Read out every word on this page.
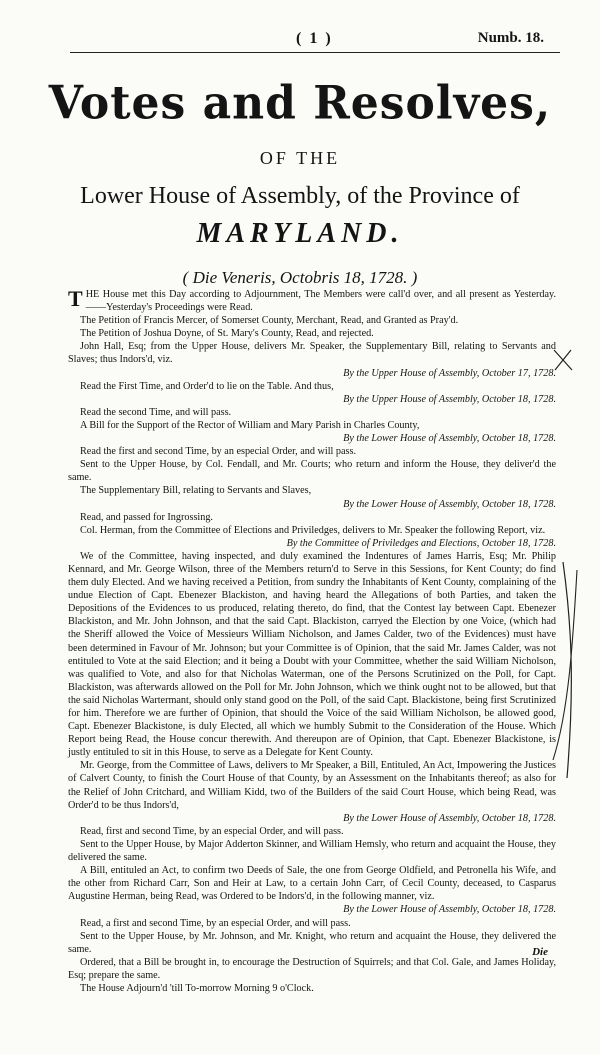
( 1 )	Numb. 18.
Votes and Resolves,
OF THE
Lower House of Assembly, of the Province of
MARYLAND.
( Die Veneris, Octobris 18, 1728. )

THE House met this Day according to Adjournment, The Members were call'd over, and all present as Yesterday.——Yesterday's Proceedings were Read.

The Petition of Francis Mercer, of Somerset County, Merchant, Read, and Granted as Pray'd.

The Petition of Joshua Doyne, of St. Mary's County, Read, and rejected.

John Hall, Esq; from the Upper House, delivers Mr. Speaker, the Supplementary Bill, relating to Servants and Slaves; thus Indors'd, viz.

By the Upper House of Assembly, October 17, 1728.

Read the First Time, and Order'd to lie on the Table. And thus,

By the Upper House of Assembly, October 18, 1728.

Read the second Time, and will pass.

A Bill for the Support of the Rector of William and Mary Parish in Charles County,

By the Lower House of Assembly, October 18, 1728.

Read the first and second Time, by an especial Order, and will pass.

Sent to the Upper House, by Col. Fendall, and Mr. Courts; who return and inform the House, they deliver'd the same.

The Supplementary Bill, relating to Servants and Slaves,

By the Lower House of Assembly, October 18, 1728.

Read, and passed for Ingrossing.

Col. Herman, from the Committee of Elections and Priviledges, delivers to Mr. Speaker the following Report, viz.

By the Committee of Priviledges and Elections, October 18, 1728.

We of the Committee, having inspected, and duly examined the Indentures of James Harris, Esq; Mr. Philip Kennard, and Mr. George Wilson, three of the Members return'd to Serve in this Sessions, for Kent County; do find them duly Elected. And we having received a Petition, from sundry the Inhabitants of Kent County, complaining of the undue Election of Capt. Ebenezer Blackiston, and having heard the Allegations of both Parties, and taken the Depositions of the Evidences to us produced, relating thereto, do find, that the Contest lay between Capt. Ebenezer Blackiston, and Mr. John Johnson, and that the said Capt. Blackiston, carryed the Election by one Voice, (which had the Sheriff allowed the Voice of Messieurs William Nicholson, and James Calder, two of the Evidences) must have been determined in Favour of Mr. Johnson; but your Committee is of Opinion, that the said Mr. James Calder, was not entituled to Vote at the said Election; and it being a Doubt with your Committee, whether the said William Nicholson, was qualified to Vote, and also for that Nicholas Waterman, one of the Persons Scrutinized on the Poll, for Capt. Blackiston, was afterwards allowed on the Poll for Mr. John Johnson, which we think ought not to be allowed, but that the said Nicholas Wartermant, should only stand good on the Poll, of the said Capt. Blackistone, being first Scrutinized for him. Therefore we are further of Opinion, that should the Voice of the said William Nicholson, be allowed good, Capt. Ebenezer Blackistone, is duly Elected, all which we humbly Submit to the Consideration of the House. Which Report being Read, the House concur therewith. And thereupon are of Opinion, that Capt. Ebenezer Blackistone, is justly entituled to sit in this House, to serve as a Delegate for Kent County.

Mr. George, from the Committee of Laws, delivers to Mr Speaker, a Bill, Entituled, An Act, Impowering the Justices of Calvert County, to finish the Court House of that County, by an Assessment on the Inhabitants thereof; as also for the Relief of John Critchard, and William Kidd, two of the Builders of the said Court House, which being Read, was Order'd to be thus Indors'd,

By the Lower House of Assembly, October 18, 1728.

Read, first and second Time, by an especial Order, and will pass.

Sent to the Upper House, by Major Adderton Skinner, and William Hemsly, who return and acquaint the House, they delivered the same.

A Bill, entituled an Act, to confirm two Deeds of Sale, the one from George Oldfield, and Petronella his Wife, and the other from Richard Carr, Son and Heir at Law, to a certain John Carr, of Cecil County, deceased, to Casparus Augustine Herman, being Read, was Ordered to be Indors'd, in the following manner, viz.

By the Lower House of Assembly, October 18, 1728.

Read, a first and second Time, by an especial Order, and will pass.

Sent to the Upper House, by Mr. Johnson, and Mr. Knight, who return and acquaint the House, they delivered the same.

Ordered, that a Bill be brought in, to encourage the Destruction of Squirrels; and that Col. Gale, and James Holiday, Esq; prepare the same.

The House Adjourn'd 'till To-morrow Morning 9 o'Clock.

Die
